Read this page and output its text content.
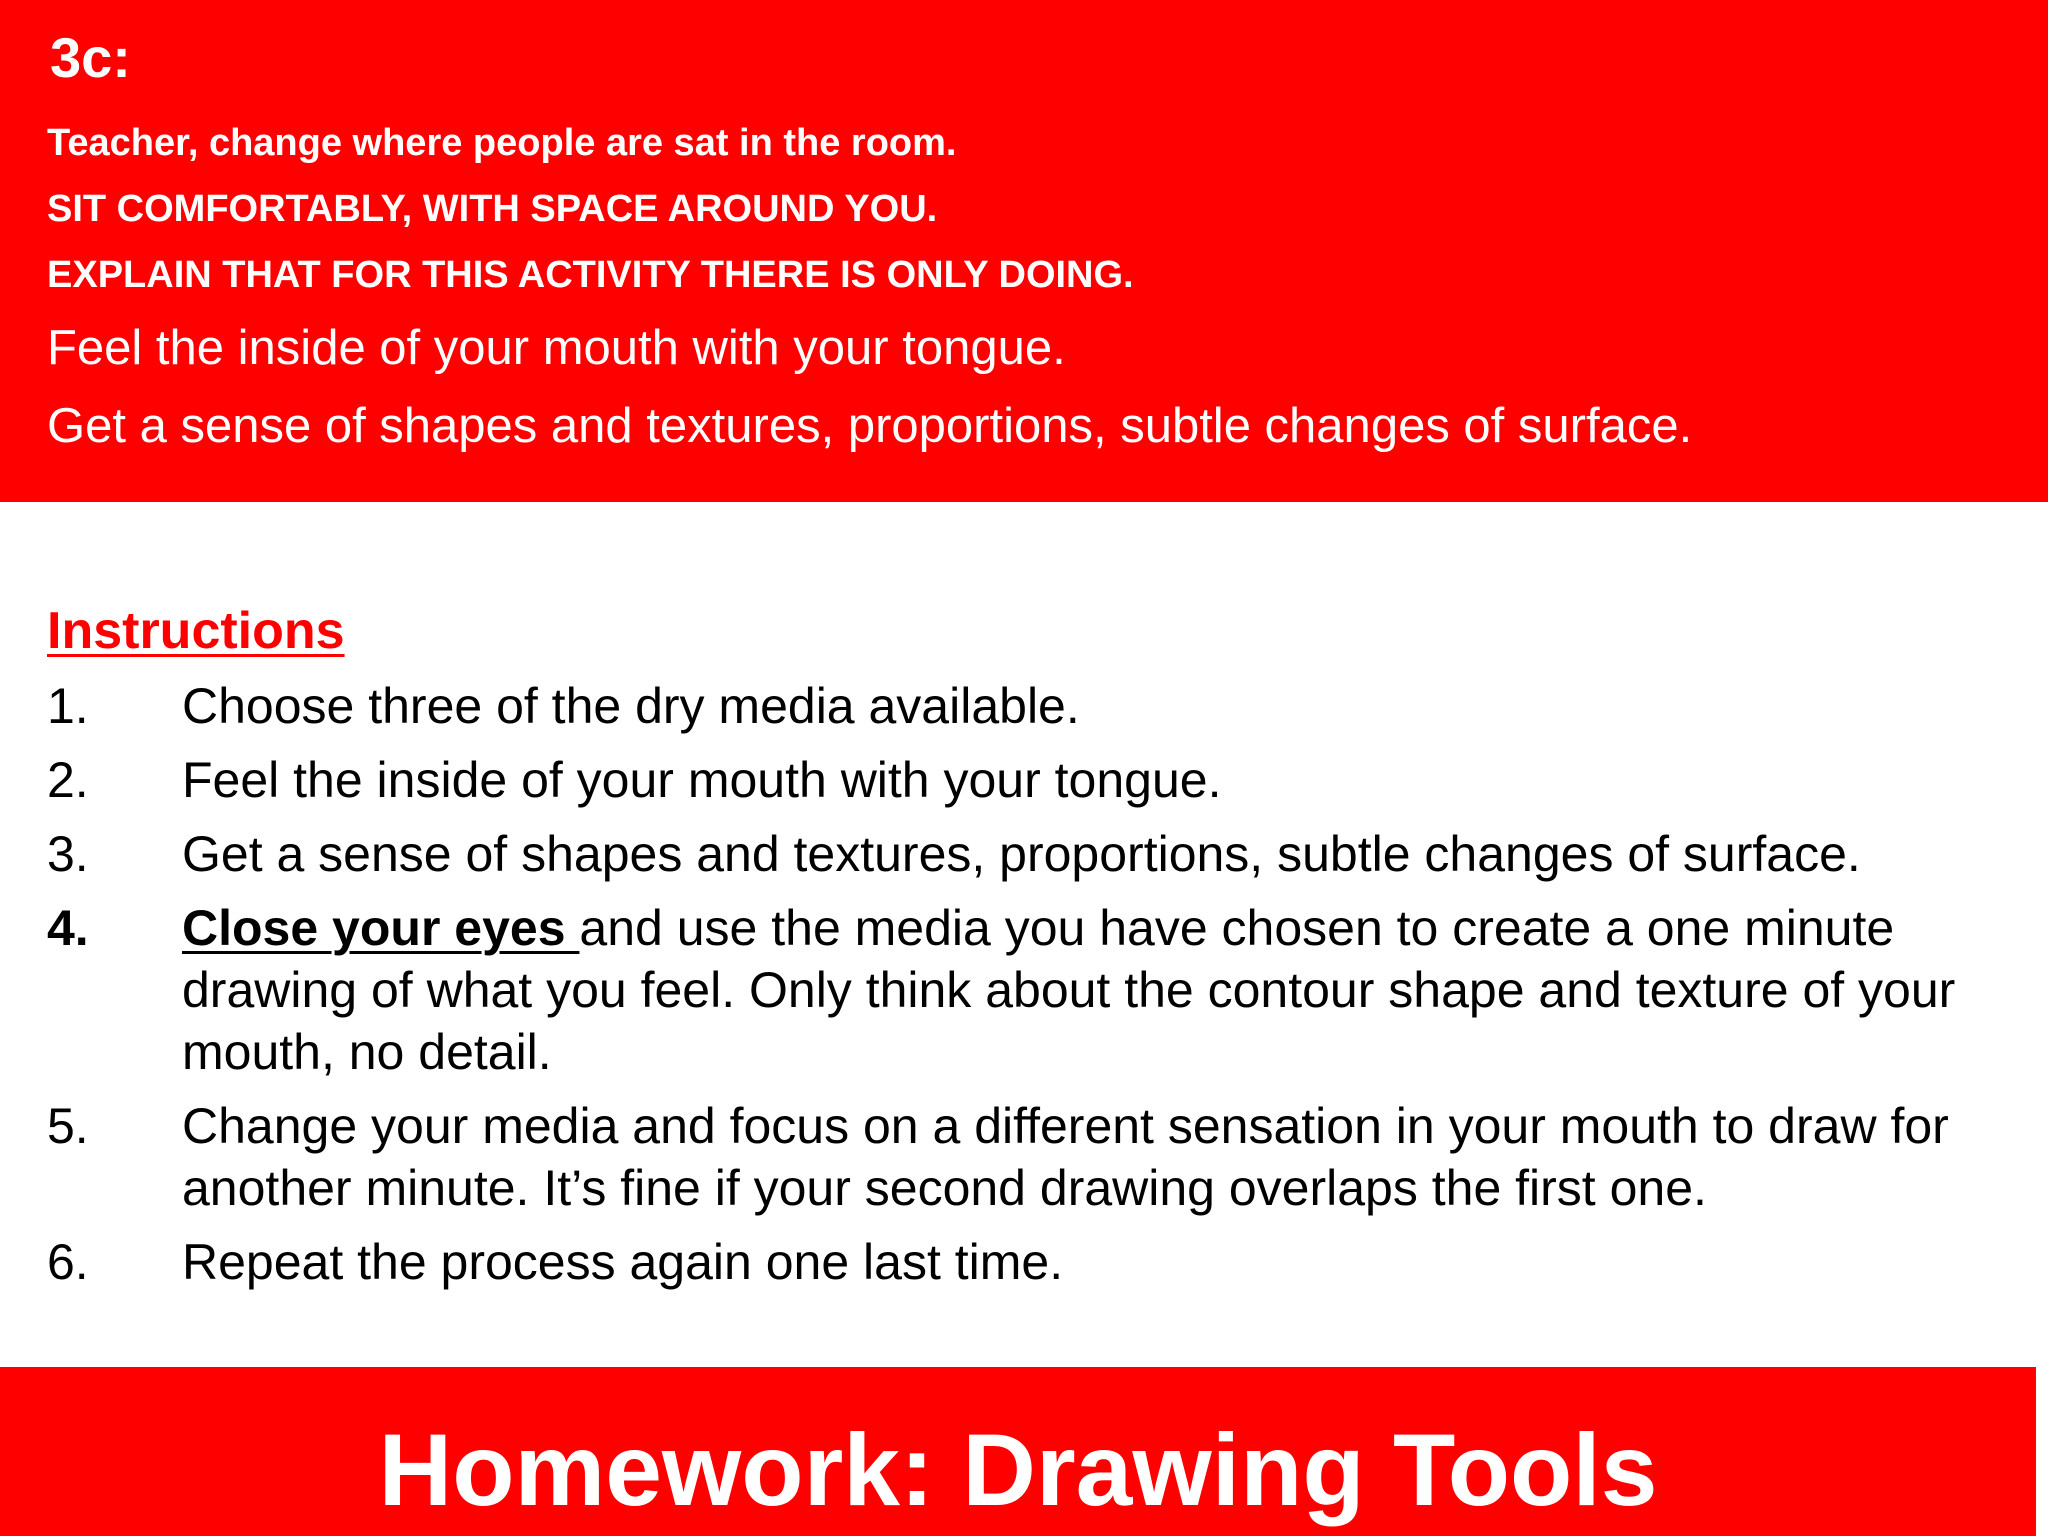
3c:
Teacher, change where people are sat in the room.
SIT COMFORTABLY, WITH SPACE AROUND YOU.
EXPLAIN THAT FOR THIS ACTIVITY THERE IS ONLY DOING.
Feel the inside of your mouth with your tongue.
Get a sense of shapes and textures, proportions, subtle changes of surface.
Instructions
1.	Choose three of the dry media available.
2.	Feel the inside of your mouth with your tongue.
3.	Get a sense of shapes and textures, proportions, subtle changes of surface.
4.	Close your eyes and use the media you have chosen to create a one minute drawing of what you feel. Only think about the contour shape and texture of your mouth, no detail.
5.	Change your media and focus on a different sensation in your mouth to draw for another minute. It’s fine if your second drawing overlaps the first one.
6.	Repeat the process again one last time.
Homework: Drawing Tools
